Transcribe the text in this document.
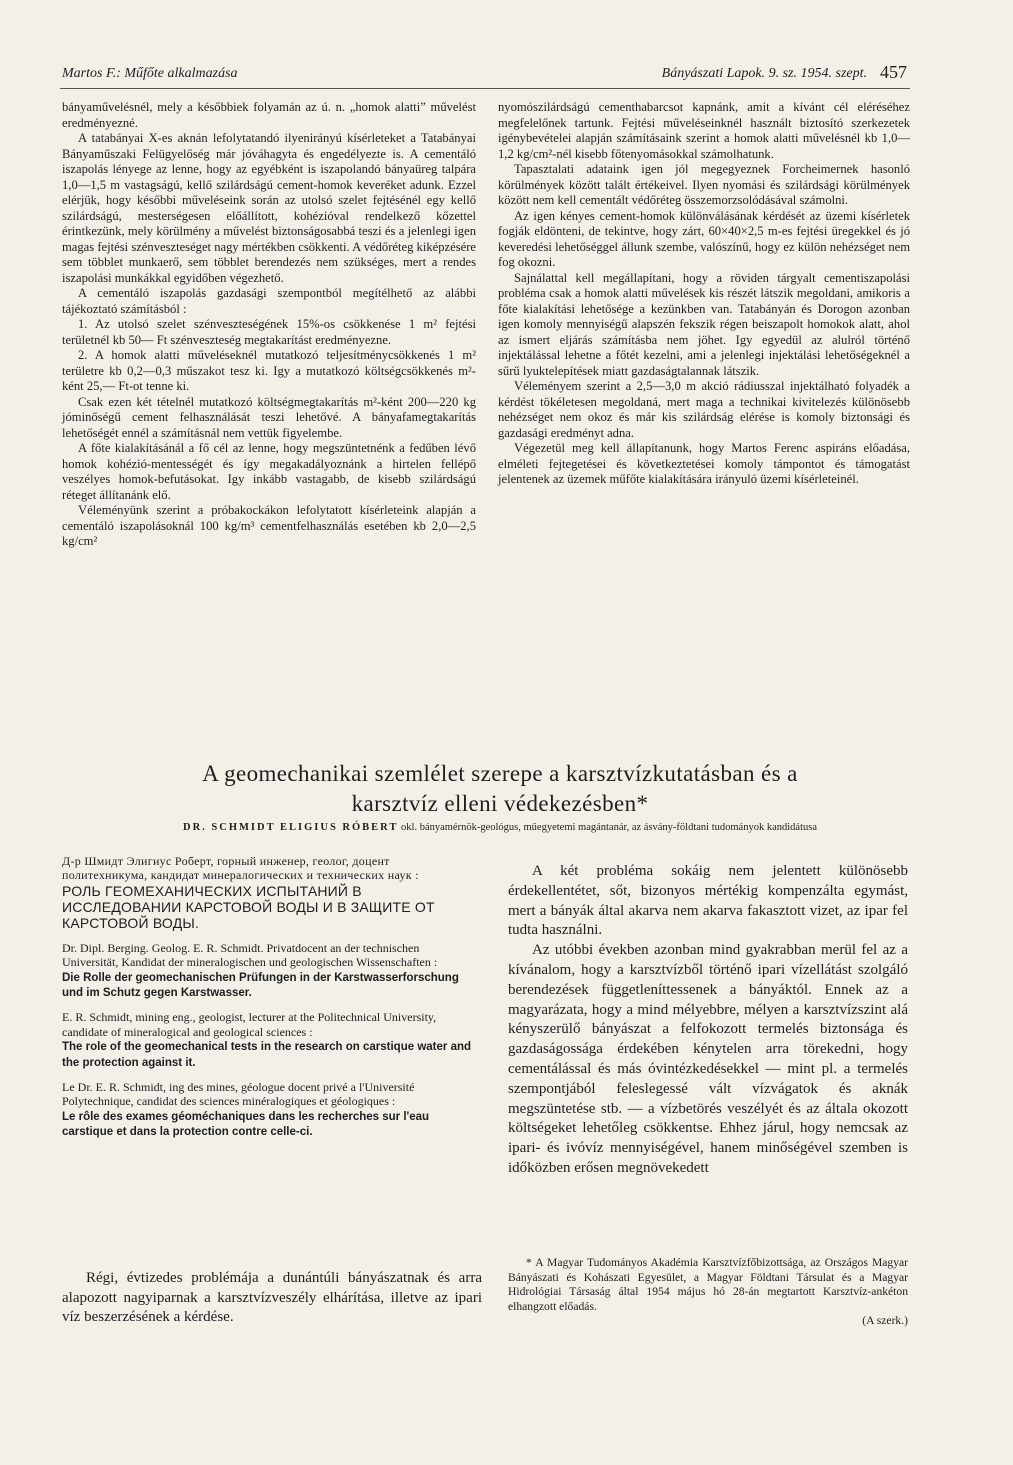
Martos F.: Műfőte alkalmazása	Bányászati Lapok. 9. sz. 1954. szept. 457

bányaművelésnél, mely a későbbiek folyamán az ú. n. „homok alatti” művelést eredményezné.

A tatabányai X-es aknán lefolytatandó ilyenirányú kísérleteket a Tatabányai Bányaműszaki Felügyelőség már jóváhagyta és engedélyezte is. A cementáló iszapolás lényege az lenne, hogy az egyébként is iszapolandó bányaüreg talpára 1,0—1,5 m vastagságú, kellő szilárdságú cement-homok keveréket adunk. Ezzel elérjük, hogy későbbi műveléseink során az utolsó szelet fejtésénél egy kellő szilárdságú, mesterségesen előállított, kohézióval rendelkező kőzettel érintkezünk, mely körülmény a művelést biztonságosabbá teszi és a jelenlegi igen magas fejtési szénveszteséget nagy mértékben csökkenti. A védőréteg kiképzésére sem többlet munkaerő, sem többlet berendezés nem szükséges, mert a rendes iszapolási munkákkal egyidőben végezhető.

A cementáló iszapolás gazdasági szempontból megítélhető az alábbi tájékoztató számításból :

1. Az utolsó szelet szénveszteségének 15%-os csökkenése 1 m² fejtési területnél kb 50— Ft szénveszteség megtakarítást eredményezne.

2. A homok alatti műveléseknél mutatkozó teljesítménycsökkenés 1 m² területre kb 0,2—0,3 műszakot tesz ki. Igy a mutatkozó költségcsökkenés m²-ként 25,— Ft-ot tenne ki.

Csak ezen két tételnél mutatkozó költségmegtakarítás m²-ként 200—220 kg jóminőségű cement felhasználását teszi lehetővé. A bányafamegtakarítás lehetőségét ennél a számításnál nem vettük figyelembe.

A főte kialakításánál a fő cél az lenne, hogy megszüntetnénk a fedűben lévő homok kohézió-mentességét és így megakadályoznánk a hirtelen fellépő veszélyes homok-befutásokat. Igy inkább vastagabb, de kisebb szilárdságú réteget állítanánk elő.

Véleményünk szerint a próbakockákon lefolytatott kísérleteink alapján a cementáló iszapolásoknál 100 kg/m³ cementfelhasználás esetében kb 2,0—2,5 kg/cm²

nyomószilárdságú cementhabarcsot kapnánk, amit a kívánt cél eléréséhez megfelelőnek tartunk. Fejtési műveléseinknél használt biztosító szerkezetek igénybevételei alapján számításaink szerint a homok alatti művelésnél kb 1,0—1,2 kg/cm²-nél kisebb főtenyomásokkal számolhatunk.

Tapasztalati adataink igen jól megegyeznek Forcheimernek hasonló körülmények között talált értékeivel. Ilyen nyomási és szilárdsági körülmények között nem kell cementált védőréteg összemorzsolódásával számolni.

Az igen kényes cement-homok különválásának kérdését az üzemi kísérletek fogják eldönteni, de tekintve, hogy zárt, 60×40×2,5 m-es fejtési üregekkel és jó keveredési lehetőséggel állunk szembe, valószínű, hogy ez külön nehézséget nem fog okozni.

Sajnálattal kell megállapítani, hogy a röviden tárgyalt cementiszapolási probléma csak a homok alatti művelések kis részét látszik megoldani, amikoris a főte kialakítási lehetősége a kezünkben van. Tatabányán és Dorogon azonban igen komoly mennyiségű alapszén fekszik régen beiszapolt homokok alatt, ahol az ismert eljárás számításba nem jöhet. Igy egyedül az alulról történő injektálással lehetne a főtét kezelni, ami a jelenlegi injektálási lehetőségeknél a sűrű lyuktelepítések miatt gazdaságtalannak látszik.

Véleményem szerint a 2,5—3,0 m akció rádiusszal injektálható folyadék a kérdést tökéletesen megoldaná, mert maga a technikai kivitelezés különösebb nehézséget nem okoz és már kis szilárdság elérése is komoly biztonsági és gazdasági eredményt adna.

Végezetül meg kell állapítanunk, hogy Martos Ferenc aspiráns előadása, elméleti fejtegetései és következtetései komoly támpontot és támogatást jelentenek az üzemek műfőte kialakítására irányuló üzemi kísérleteinél.

A geomechanikai szemlélet szerepe a karsztvízkutatásban és a
karsztvíz elleni védekezésben*
DR. SCHMIDT ELIGIUS RÓBERT okl. bányamérnök-geológus, műegyetemi magántanár, az ásvány-földtani tudományok kandidátusa
Д-р Шмидт Элигиус Роберт, горный инженер, геолог, доцент политехникума, кандидат минералогических и технических наук :
РОЛЬ ГЕОМЕХАНИЧЕСКИХ ИСПЫТАНИЙ В ИССЛЕДОВАНИИ КАРСТОВОЙ ВОДЫ И В ЗАЩИТЕ ОТ КАРСТОВОЙ ВОДЫ.
Dr. Dipl. Berging. Geolog. E. R. Schmidt. Privatdocent an der technischen Universität, Kandidat der mineralogischen und geologischen Wissenschaften :
Die Rolle der geomechanischen Prüfungen in der Karstwasserforschung und im Schutz gegen Karstwasser.
E. R. Schmidt, mining eng., geologist, lecturer at the Politechnical University, candidate of mineralogical and geological sciences :
The role of the geomechanical tests in the research on carstique water and the protection against it.
Le Dr. E. R. Schmidt, ing des mines, géologue docent privé a l'Université Polytechnique, candidat des sciences minéralogiques et géologiques :
Le rôle des exames géoméchaniques dans les recherches sur l'eau carstique et dans la protection contre celle-ci.

Régi, évtizedes problémája a dunántúli bányászatnak és arra alapozott nagyiparnak a karsztvízveszély elhárítása, illetve az ipari víz beszerzésének a kérdése.

A két probléma sokáig nem jelentett különösebb érdekellentétet, sőt, bizonyos mértékig kompenzálta egymást, mert a bányák által akarva nem akarva fakasztott vizet, az ipar fel tudta használni.

Az utóbbi években azonban mind gyakrabban merül fel az a kívánalom, hogy a karsztvízből történő ipari vízellátást szolgáló berendezések függetleníttessenek a bányáktól. Ennek az a magyarázata, hogy a mind mélyebbre, mélyen a karsztvízszint alá kényszerülő bányászat a felfokozott termelés biztonsága és gazdaságossága érdekében kénytelen arra törekedni, hogy cementálással és más óvintézkedésekkel — mint pl. a termelés szempontjából feleslegessé vált vízvágatok és aknák megszüntetése stb. — a vízbetörés veszélyét és az általa okozott költségeket lehetőleg csökkentse. Ehhez járul, hogy nemcsak az ipari- és ivóvíz mennyiségével, hanem minőségével szemben is időközben erősen megnövekedett

* A Magyar Tudományos Akadémia Karsztvízfőbizottsága, az Országos Magyar Bányászati és Kohászati Egyesület, a Magyar Földtani Társulat és a Magyar Hidrológiai Társaság által 1954 május hó 28-án megtartott Karsztvíz-ankéton elhangzott előadás.

(A szerk.)
